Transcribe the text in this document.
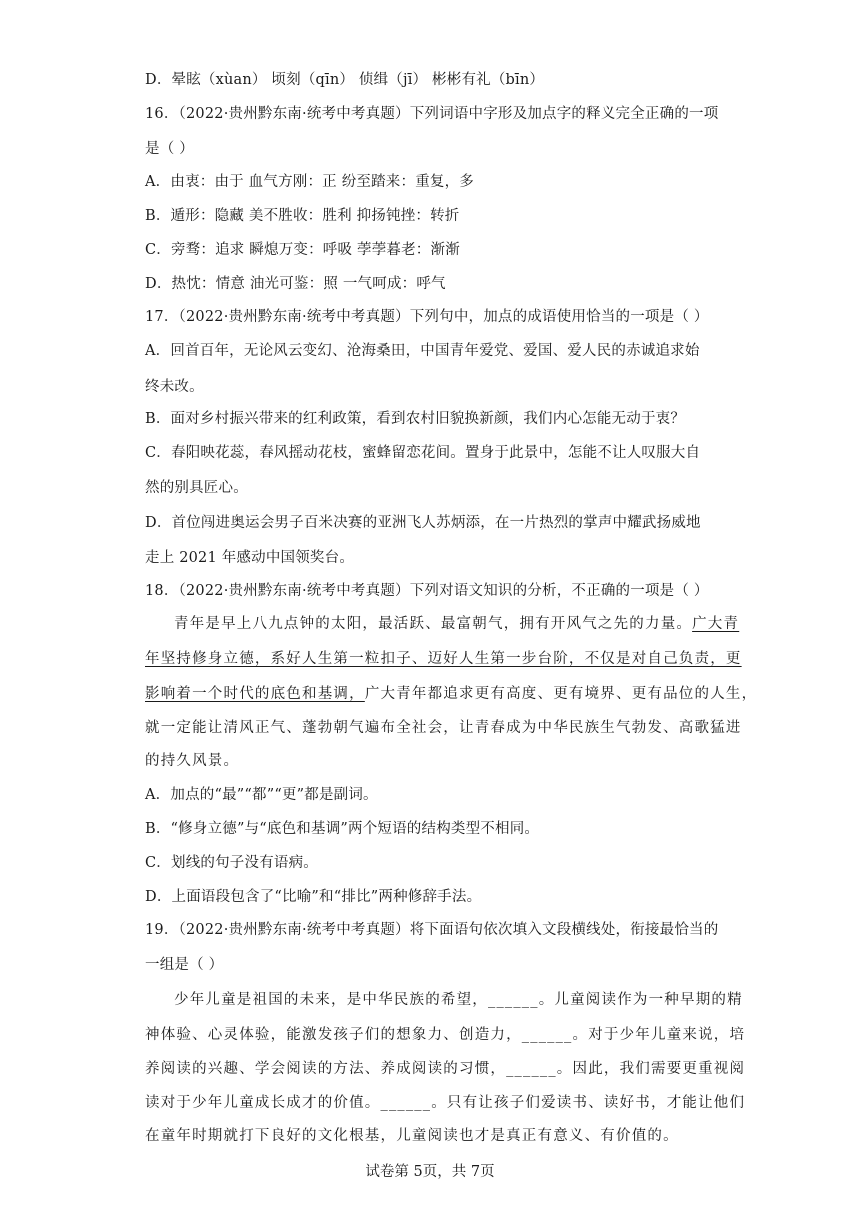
D．晕眩（xùan） 顷刻（qīn） 侦缉（jī） 彬彬有礼（bīn）
16．（2022·贵州黔东南·统考中考真题）下列词语中字形及加点字的释义完全正确的一项
是（ ）
A．由衷：由于 血气方刚：正 纷至踏来：重复，多
B．遁形：隐藏 美不胜收：胜利 抑扬钝挫：转折
C．旁骛：追求 瞬熄万变：呼吸 荸荸暮老：渐渐
D．热忱：情意 油光可鉴：照 一气呵成：呼气
17．（2022·贵州黔东南·统考中考真题）下列句中，加点的成语使用恰当的一项是（ ）
A．回首百年，无论风云变幻、沧海桑田，中国青年爱党、爱国、爱人民的赤诚追求始
终未改。
B．面对乡村振兴带来的红利政策，看到农村旧貌换新颜，我们内心怎能无动于衷？
C．春阳映花蕊，春风摇动花枝，蜜蜂留恋花间。置身于此景中，怎能不让人叹服大自
然的别具匠心。
D．首位闯进奥运会男子百米决赛的亚洲飞人苏炳添，在一片热烈的掌声中耀武扬威地
走上 2021 年感动中国领奖台。
18．（2022·贵州黔东南·统考中考真题）下列对语文知识的分析，不正确的一项是（ ）
青年是早上八九点钟的太阳，最活跃、最富朝气，拥有开风气之先的力量。广大青
年坚持修身立德，系好人生第一粒扣子、迈好人生第一步台阶，不仅是对自己负责，更
影响着一个时代的底色和基调，广大青年都追求更有高度、更有境界、更有品位的人生，
就一定能让清风正气、蓬勃朝气遍布全社会，让青春成为中华民族生气勃发、高歌猛进
的持久风景。
A．加点的“最”“都”“更”都是副词。
B．“修身立德”与“底色和基调”两个短语的结构类型不相同。
C．划线的句子没有语病。
D．上面语段包含了“比喻”和“排比”两种修辞手法。
19．（2022·贵州黔东南·统考中考真题）将下面语句依次填入文段横线处，衔接最恰当的
一组是（ ）
少年儿童是祖国的未来，是中华民族的希望，______。儿童阅读作为一种早期的精
神体验、心灵体验，能激发孩子们的想象力、创造力，______。对于少年儿童来说，培
养阅读的兴趣、学会阅读的方法、养成阅读的习惯，______。因此，我们需要更重视阅
读对于少年儿童成长成才的价值。______。只有让孩子们爱读书、读好书，才能让他们
在童年时期就打下良好的文化根基，儿童阅读也才是真正有意义、有价值的。
试卷第 5页，共 7页
